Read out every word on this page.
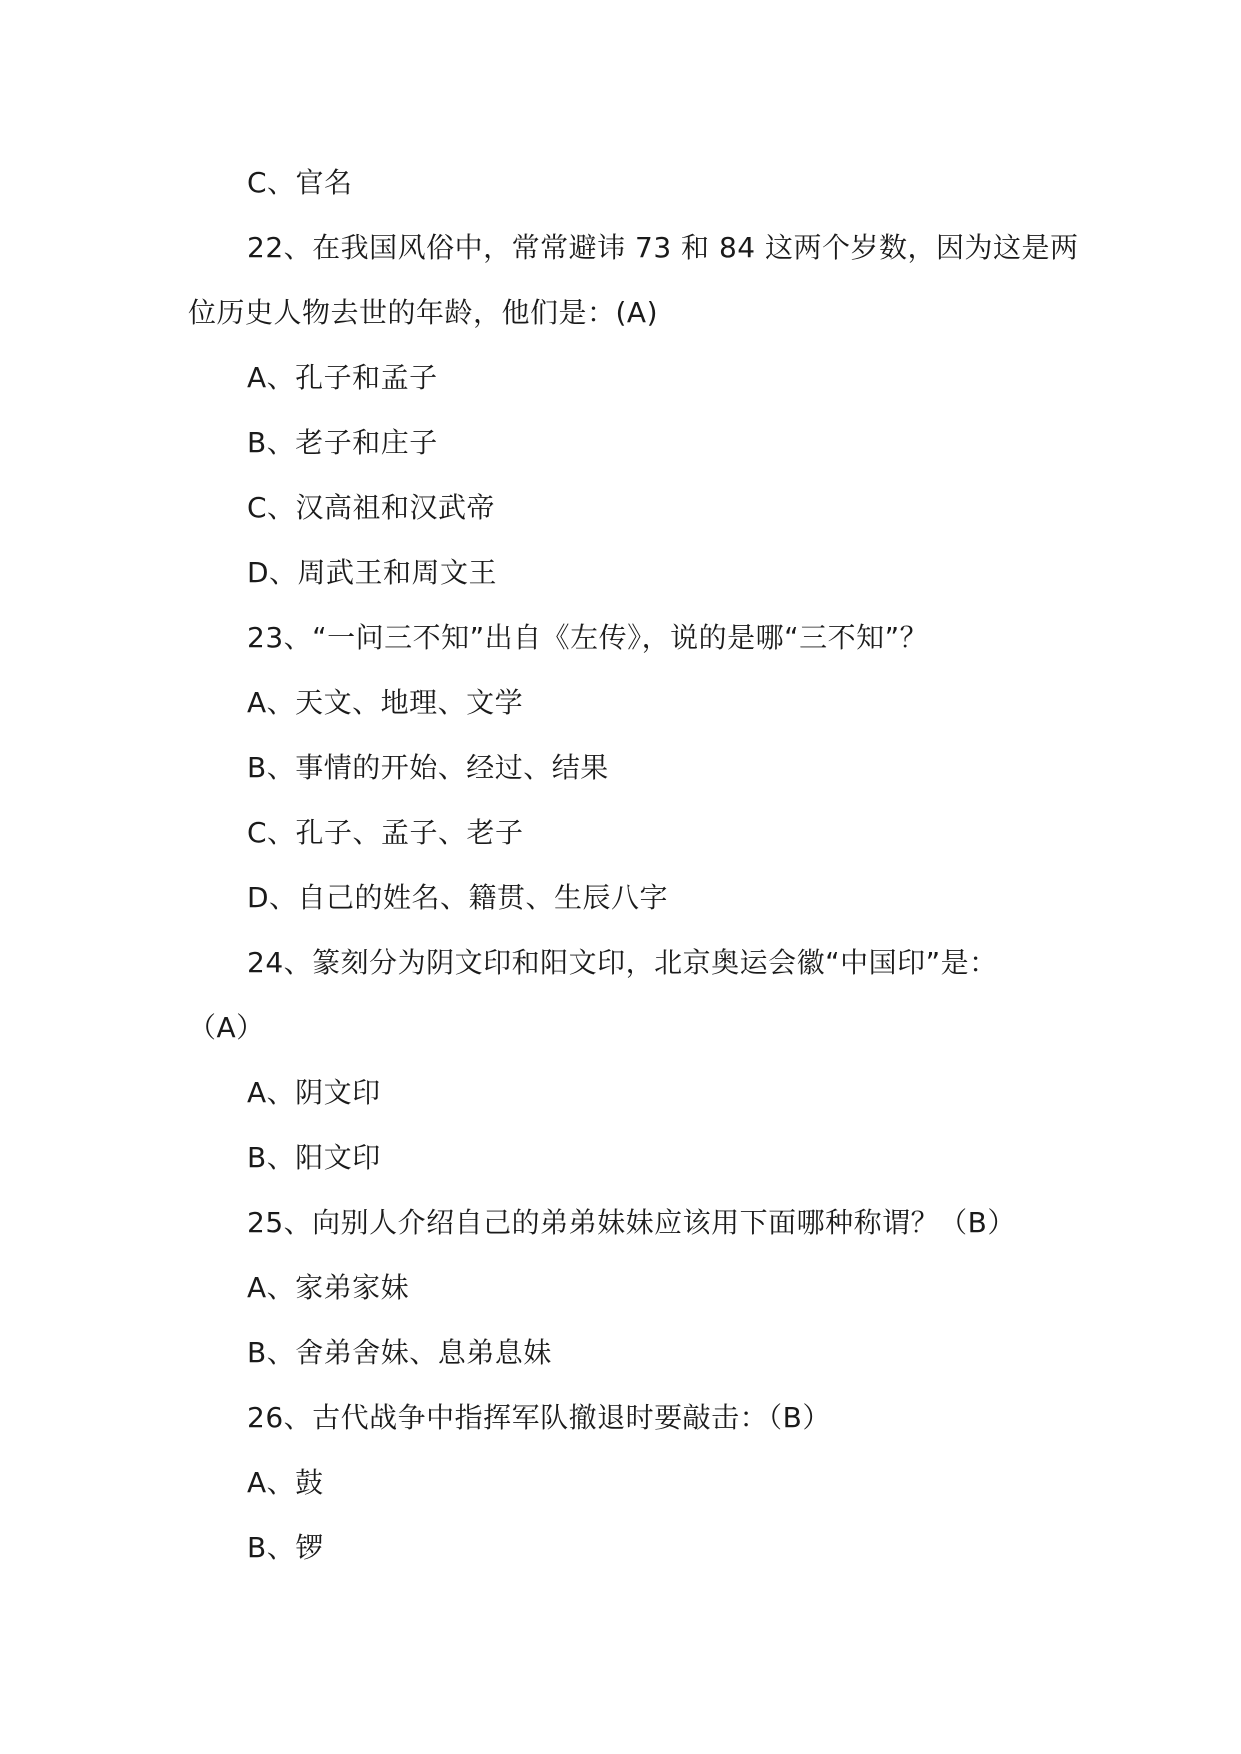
C、官名
22、在我国风俗中，常常避讳 73 和 84 这两个岁数，因为这是两
位历史人物去世的年龄，他们是：(A)
A、孔子和孟子
B、老子和庄子
C、汉高祖和汉武帝
D、周武王和周文王
23、“一问三不知”出自《左传》，说的是哪“三不知”？
A、天文、地理、文学
B、事情的开始、经过、结果
C、孔子、孟子、老子
D、自己的姓名、籍贯、生辰八字
24、篆刻分为阴文印和阳文印，北京奥运会徽“中国印”是：
（A）
A、阴文印
B、阳文印
25、向别人介绍自己的弟弟妹妹应该用下面哪种称谓？（B）
A、家弟家妹
B、舍弟舍妹、息弟息妹
26、古代战争中指挥军队撤退时要敲击：（B）
A、鼓
B、锣
